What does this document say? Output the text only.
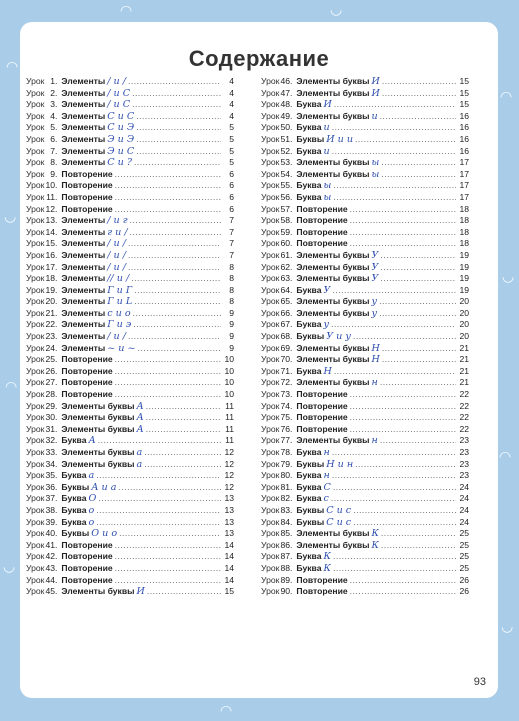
◠
◡
◠
◡
◠
◡
◠
◡
◠	◡
◠
Содержание
Урок 1. Элементы / и / .....	4
Урок 2. Элементы / и С .....	4
Урок 3. Элементы / и С .....	4
Урок 4. Элементы С и С .....	4
Урок 5. Элементы С и Э .....	5
Урок 6. Элементы Э и Э .....	5
Урок 7. Элементы Э и С .....	5
Урок 8. Элементы С и ? .....	5
Урок 9. Повторение .....	6
Урок 10. Повторение .....	6
Урок 11. Повторение .....	6
Урок 12. Повторение .....	6
Урок 13. Элементы / и г .....	7
Урок 14. Элементы г и / .....	7
Урок 15. Элементы / и / .....	7
Урок 16. Элементы / и / .....	7
Урок 17. Элементы / и / .....	8
Урок 18. Элементы // и / .....	8
Урок 19. Элементы Г и Г .....	8
Урок 20. Элементы Г и L .....	8
Урок 21. Элементы с и о .....	9
Урок 22. Элементы Г и э .....	9
Урок 23. Элементы / и / .....	9
Урок 24. Элементы ~ и ~ .....	9
Урок 25. Повторение .....	10
Урок 26. Повторение .....	10
Урок 27. Повторение .....	10
Урок 28. Повторение .....	10
Урок 29. Элементы буквы А .....	11
Урок 30. Элементы буквы А .....	11
Урок 31. Элементы буквы А .....	11
Урок 32. Буква А .....	11
Урок 33. Элементы буквы а .....	12
Урок 34. Элементы буквы а .....	12
Урок 35. Буква а .....	12
Урок 36. Буквы А и а .....	12
Урок 37. Буква О .....	13
Урок 38. Буква о .....	13
Урок 39. Буква о .....	13
Урок 40. Буквы О и о .....	13
Урок 41. Повторение .....	14
Урок 42. Повторение .....	14
Урок 43. Повторение .....	14
Урок 44. Повторение .....	14
Урок 45. Элементы буквы И .....	15
Урок 46. Элементы буквы И .....	15
Урок 47. Элементы буквы И .....	15
Урок 48. Буква И .....	15
Урок 49. Элементы буквы и .....	16
Урок 50. Буква и .....	16
Урок 51. Буквы И и и .....	16
Урок 52. Буква и .....	16
Урок 53. Элементы буквы ы .....	17
Урок 54. Элементы буквы ы .....	17
Урок 55. Буква ы .....	17
Урок 56. Буква ы .....	17
Урок 57. Повторение .....	18
Урок 58. Повторение .....	18
Урок 59. Повторение .....	18
Урок 60. Повторение .....	18
Урок 61. Элементы буквы У .....	19
Урок 62. Элементы буквы У .....	19
Урок 63. Элементы буквы У .....	19
Урок 64. Буква У .....	19
Урок 65. Элементы буквы у .....	20
Урок 66. Элементы буквы у .....	20
Урок 67. Буква у .....	20
Урок 68. Буквы У и у .....	20
Урок 69. Элементы буквы Н .....	21
Урок 70. Элементы буквы Н .....	21
Урок 71. Буква Н .....	21
Урок 72. Элементы буквы н .....	21
Урок 73. Повторение .....	22
Урок 74. Повторение .....	22
Урок 75. Повторение .....	22
Урок 76. Повторение .....	22
Урок 77. Элементы буквы н .....	23
Урок 78. Буква н .....	23
Урок 79. Буквы Н и н .....	23
Урок 80. Буква н .....	23
Урок 81. Буква С .....	24
Урок 82. Буква с .....	24
Урок 83. Буквы С и с .....	24
Урок 84. Буквы С и с .....	24
Урок 85. Элементы буквы К .....	25
Урок 86. Элементы буквы К .....	25
Урок 87. Буква К .....	25
Урок 88. Буква К .....	25
Урок 89. Повторение .....	26
Урок 90. Повторение .....	26
93
